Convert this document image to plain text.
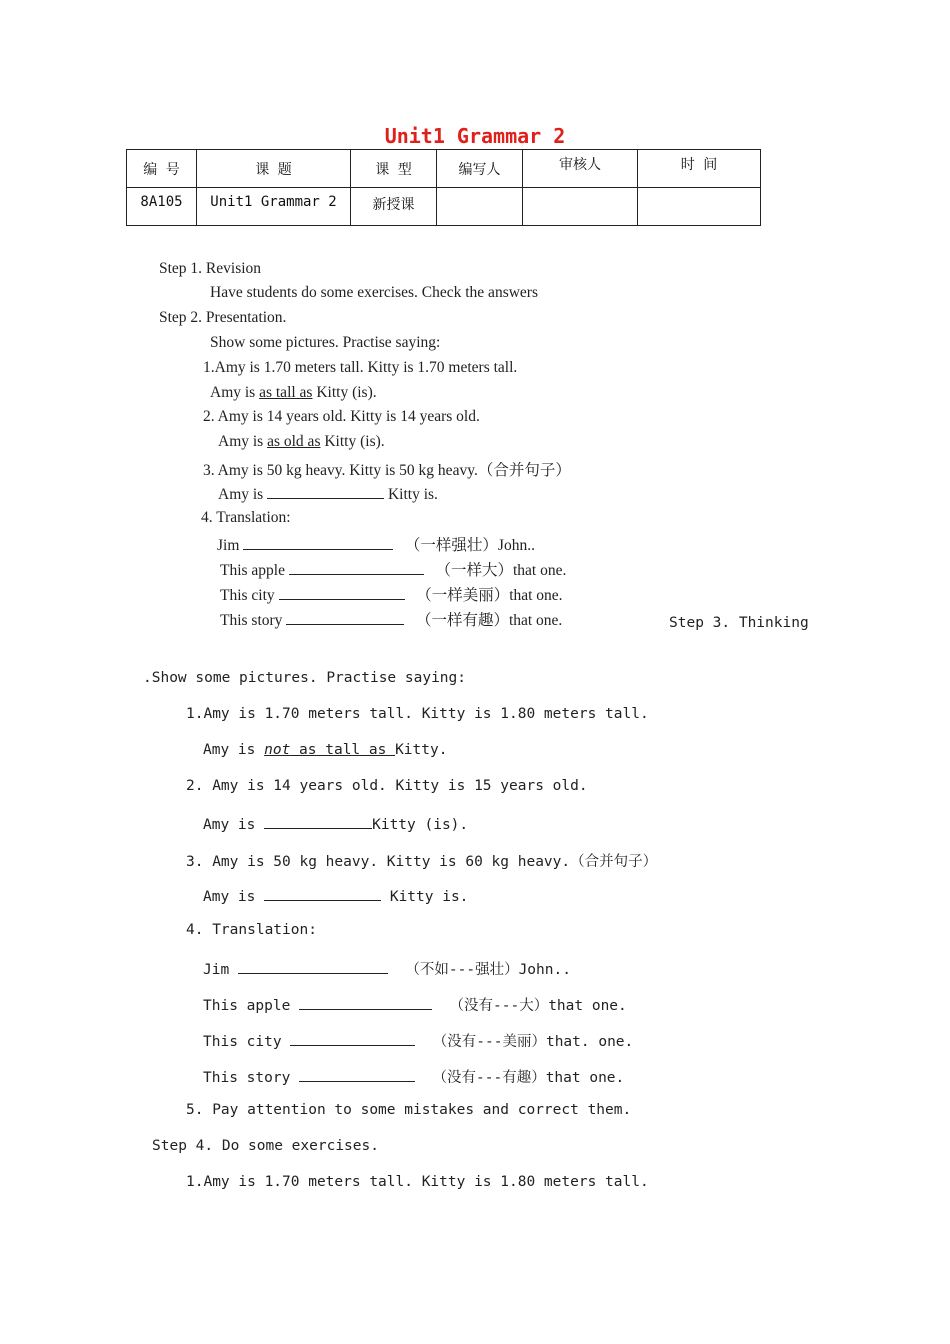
Unit1 Grammar 2
编 号	课 题	课 型	编写人	审核人	时 间
8A105	Unit1 Grammar 2	新授课			
Step 1. Revision
Have students do some exercises. Check the answers
Step 2. Presentation.
Show some pictures. Practise saying:
1.Amy is 1.70 meters tall. Kitty is 1.70 meters tall.
Amy is as tall as Kitty (is).
2. Amy is 14 years old. Kitty is 14 years old.
Amy is as old as Kitty (is).
3. Amy is 50 kg heavy. Kitty is 50 kg heavy.（合并句子）
Amy is	Kitty is.
4. Translation:
Jim	（一样强壮）John..
This apple	（一样大）that one.
This city	（一样美丽）that one.
This story	（一样有趣）that one.	Step 3. Thinking
.Show some pictures. Practise saying:
1.Amy is 1.70 meters tall. Kitty is 1.80 meters tall.
Amy is not as tall as Kitty.
2. Amy is 14 years old. Kitty is 15 years old.
Amy is	Kitty (is).
3. Amy is 50 kg heavy. Kitty is 60 kg heavy.（合并句子）
Amy is	Kitty is.
4. Translation:
Jim	（不如---强壮）John..
This apple	（没有---大）that one.
This city	（没有---美丽）that. one.
This story	（没有---有趣）that one.
5. Pay attention to some mistakes and correct them.
Step 4. Do some exercises.
1.Amy is 1.70 meters tall. Kitty is 1.80 meters tall.
